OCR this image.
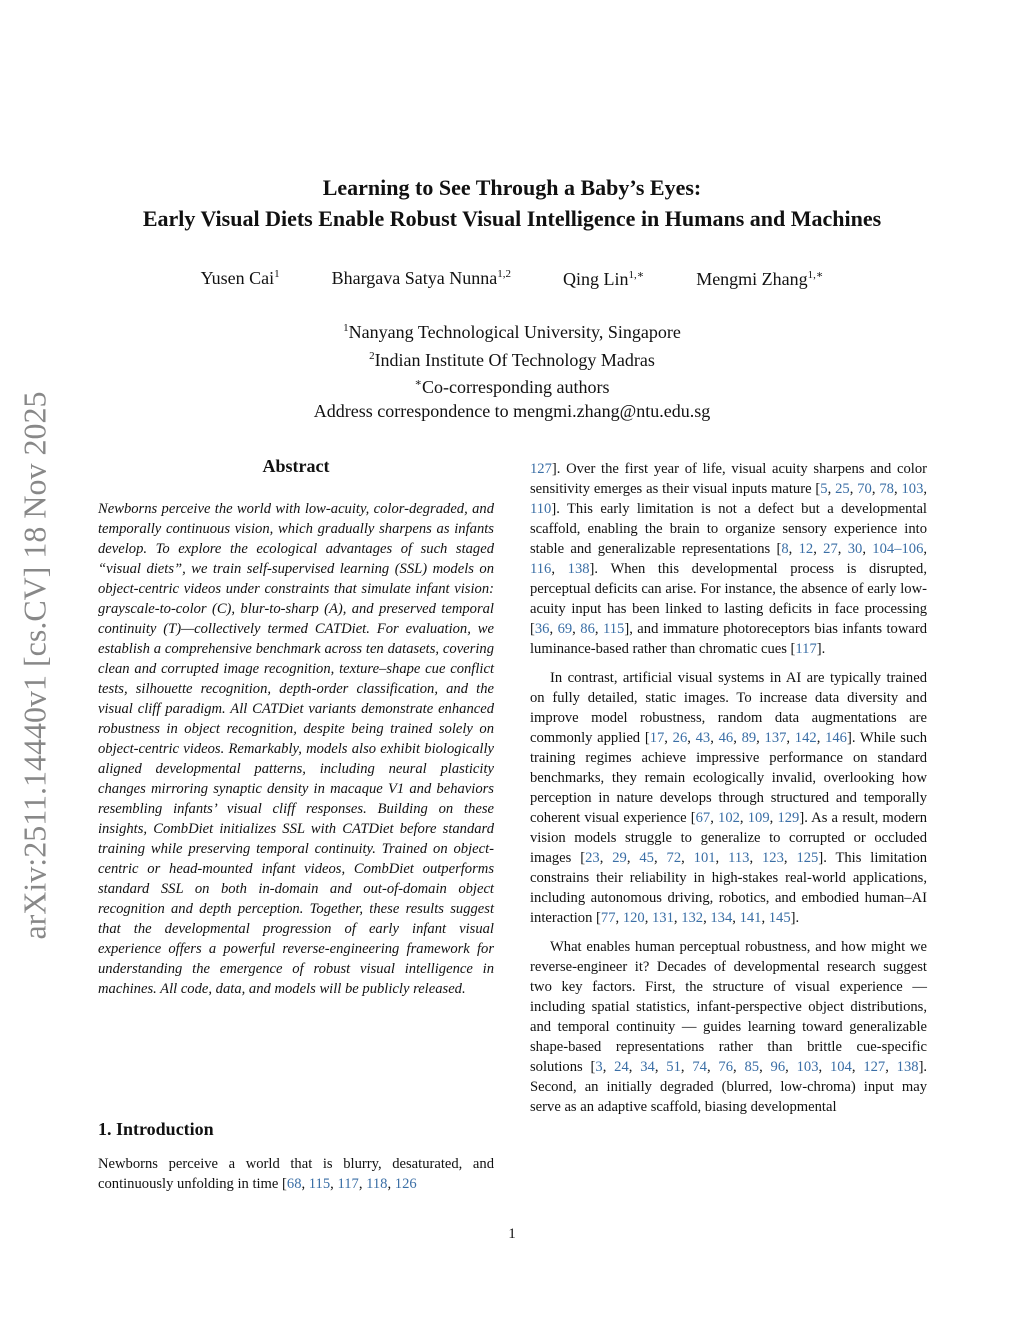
arXiv:2511.14440v1 [cs.CV] 18 Nov 2025
Learning to See Through a Baby’s Eyes:
Early Visual Diets Enable Robust Visual Intelligence in Humans and Machines
Yusen Cai$^1$	Bhargava Satya Nunna$^{1,2}$	Qing Lin$^{1,∗}$	Mengmi Zhang$^{1,∗}$
$^1$Nanyang Technological University, Singapore
$^2$Indian Institute Of Technology Madras
∗Co-corresponding authors
Address correspondence to mengmi.zhang@ntu.edu.sg
Abstract
Newborns perceive the world with low-acuity, color-degraded, and temporally continuous vision, which gradually sharpens as infants develop. To explore the ecological advantages of such staged “visual diets”, we train self-supervised learning (SSL) models on object-centric videos under constraints that simulate infant vision: grayscale-to-color (C), blur-to-sharp (A), and preserved temporal continuity (T)—collectively termed CATDiet. For evaluation, we establish a comprehensive benchmark across ten datasets, covering clean and corrupted image recognition, texture–shape cue conflict tests, silhouette recognition, depth-order classification, and the visual cliff paradigm. All CATDiet variants demonstrate enhanced robustness in object recognition, despite being trained solely on object-centric videos. Remarkably, models also exhibit biologically aligned developmental patterns, including neural plasticity changes mirroring synaptic density in macaque V1 and behaviors resembling infants’ visual cliff responses. Building on these insights, CombDiet initializes SSL with CATDiet before standard training while preserving temporal continuity. Trained on object-centric or head-mounted infant videos, CombDiet outperforms standard SSL on both in-domain and out-of-domain object recognition and depth perception. Together, these results suggest that the developmental progression of early infant visual experience offers a powerful reverse-engineering framework for understanding the emergence of robust visual intelligence in machines. All code, data, and models will be publicly released.
1. Introduction
Newborns perceive a world that is blurry, desaturated, and continuously unfolding in time [68, 115, 117, 118, 126

127]. Over the first year of life, visual acuity sharpens and color sensitivity emerges as their visual inputs mature [5, 25, 70, 78, 103, 110]. This early limitation is not a defect but a developmental scaffold, enabling the brain to organize sensory experience into stable and generalizable representations [8, 12, 27, 30, 104–106, 116, 138]. When this developmental process is disrupted, perceptual deficits can arise. For instance, the absence of early low-acuity input has been linked to lasting deficits in face processing [36, 69, 86, 115], and immature photoreceptors bias infants toward luminance-based rather than chromatic cues [117].

In contrast, artificial visual systems in AI are typically trained on fully detailed, static images. To increase data diversity and improve model robustness, random data augmentations are commonly applied [17, 26, 43, 46, 89, 137, 142, 146]. While such training regimes achieve impressive performance on standard benchmarks, they remain ecologically invalid, overlooking how perception in nature develops through structured and temporally coherent visual experience [67, 102, 109, 129]. As a result, modern vision models struggle to generalize to corrupted or occluded images [23, 29, 45, 72, 101, 113, 123, 125]. This limitation constrains their reliability in high-stakes real-world applications, including autonomous driving, robotics, and embodied human–AI interaction [77, 120, 131, 132, 134, 141, 145].

What enables human perceptual robustness, and how might we reverse-engineer it? Decades of developmental research suggest two key factors. First, the structure of visual experience — including spatial statistics, infant-perspective object distributions, and temporal continuity — guides learning toward generalizable shape-based representations rather than brittle cue-specific solutions [3, 24, 34, 51, 74, 76, 85, 96, 103, 104, 127, 138]. Second, an initially degraded (blurred, low-chroma) input may serve as an adaptive scaffold, biasing developmental

1
